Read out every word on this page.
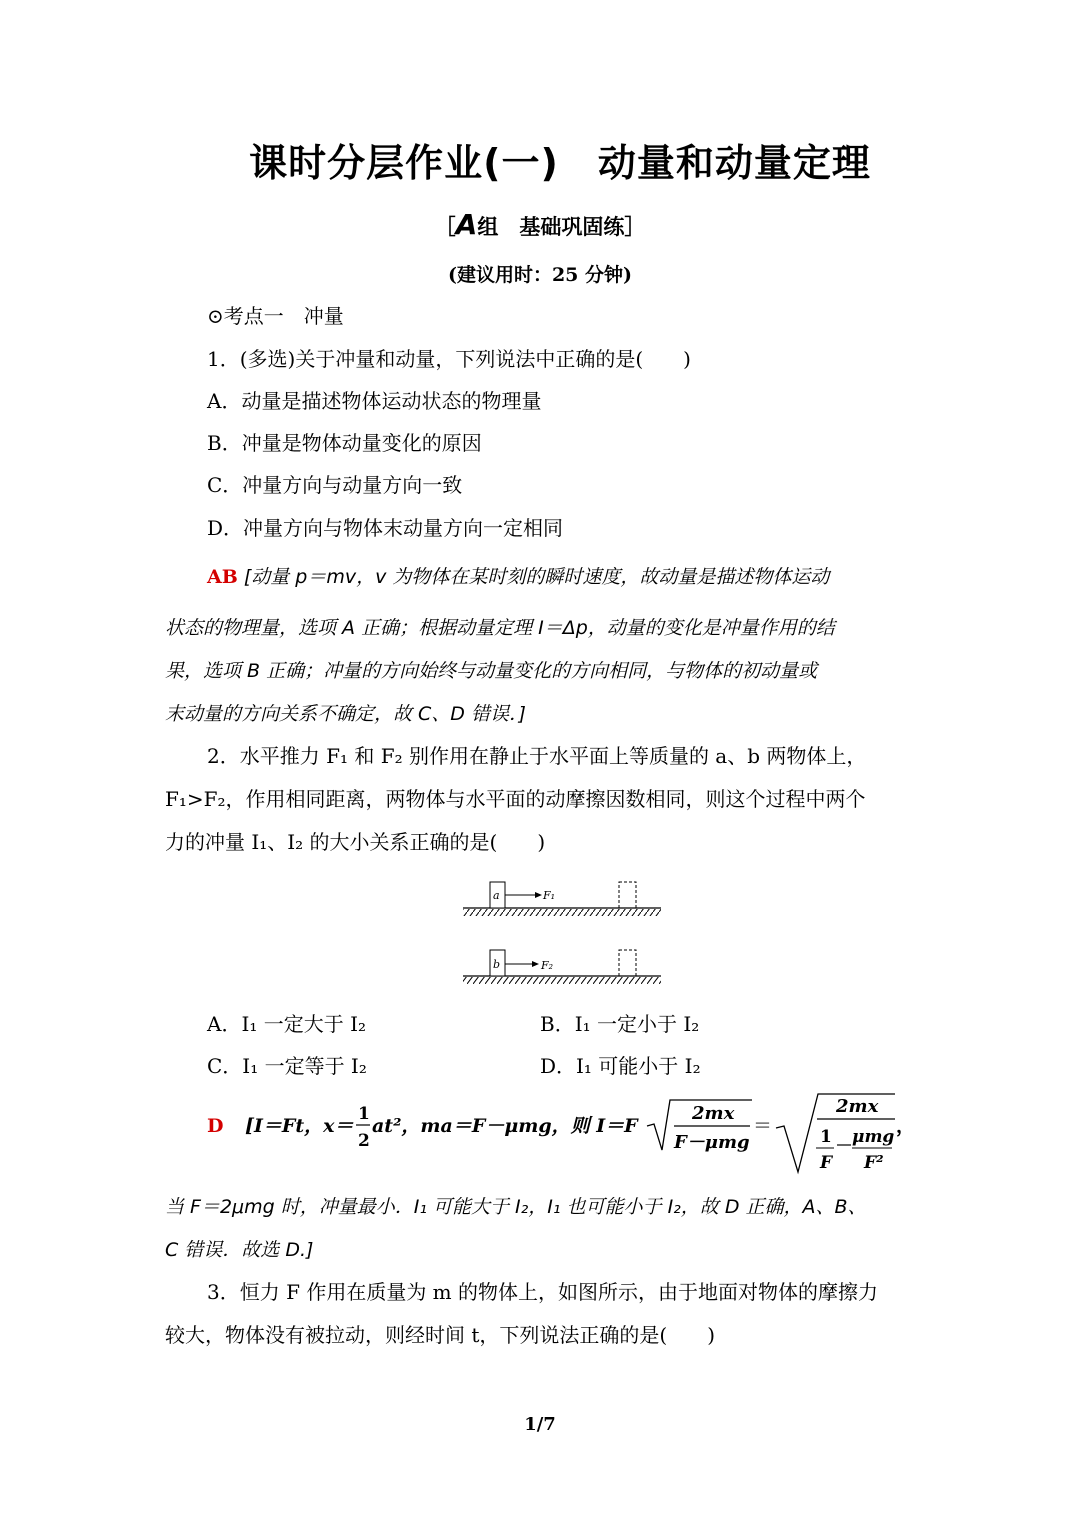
课时分层作业(一)　动量和动量定理
［A组　基础巩固练］
(建议用时：25 分钟)
⊙考点一　冲量
1．(多选)关于冲量和动量，下列说法中正确的是(　　)
A．动量是描述物体运动状态的物理量
B．冲量是物体动量变化的原因
C．冲量方向与动量方向一致
D．冲量方向与物体末动量方向一定相同
AB [动量 p＝mv，v 为物体在某时刻的瞬时速度，故动量是描述物体运动
状态的物理量，选项 A 正确；根据动量定理 I＝Δp，动量的变化是冲量作用的结
果，选项 B 正确；冲量的方向始终与动量变化的方向相同，与物体的初动量或
末动量的方向关系不确定，故 C、D 错误．]
2．水平推力 F₁ 和 F₂ 别作用在静止于水平面上等质量的 a、b 两物体上，
F₁>F₂，作用相同距离，两物体与水平面的动摩擦因数相同，则这个过程中两个
力的冲量 I₁、I₂ 的大小关系正确的是(　　)
a	F₁
b	F₂
A．I₁ 一定大于 I₂	B．I₁ 一定小于 I₂
C．I₁ 一定等于 I₂	D．I₁ 可能小于 I₂
D [I＝Ft，x＝
1
2
at²，ma＝F－μmg，则 I＝F
2mx
F－μmg
＝
2mx
1
F
μmg
F²
，
当 F＝2μmg 时，冲量最小．I₁ 可能大于 I₂，I₁ 也可能小于 I₂，故 D 正确，A、B、
C 错误．故选 D.]
3．恒力 F 作用在质量为 m 的物体上，如图所示，由于地面对物体的摩擦力
较大，物体没有被拉动，则经时间 t，下列说法正确的是(　　)
1/7
